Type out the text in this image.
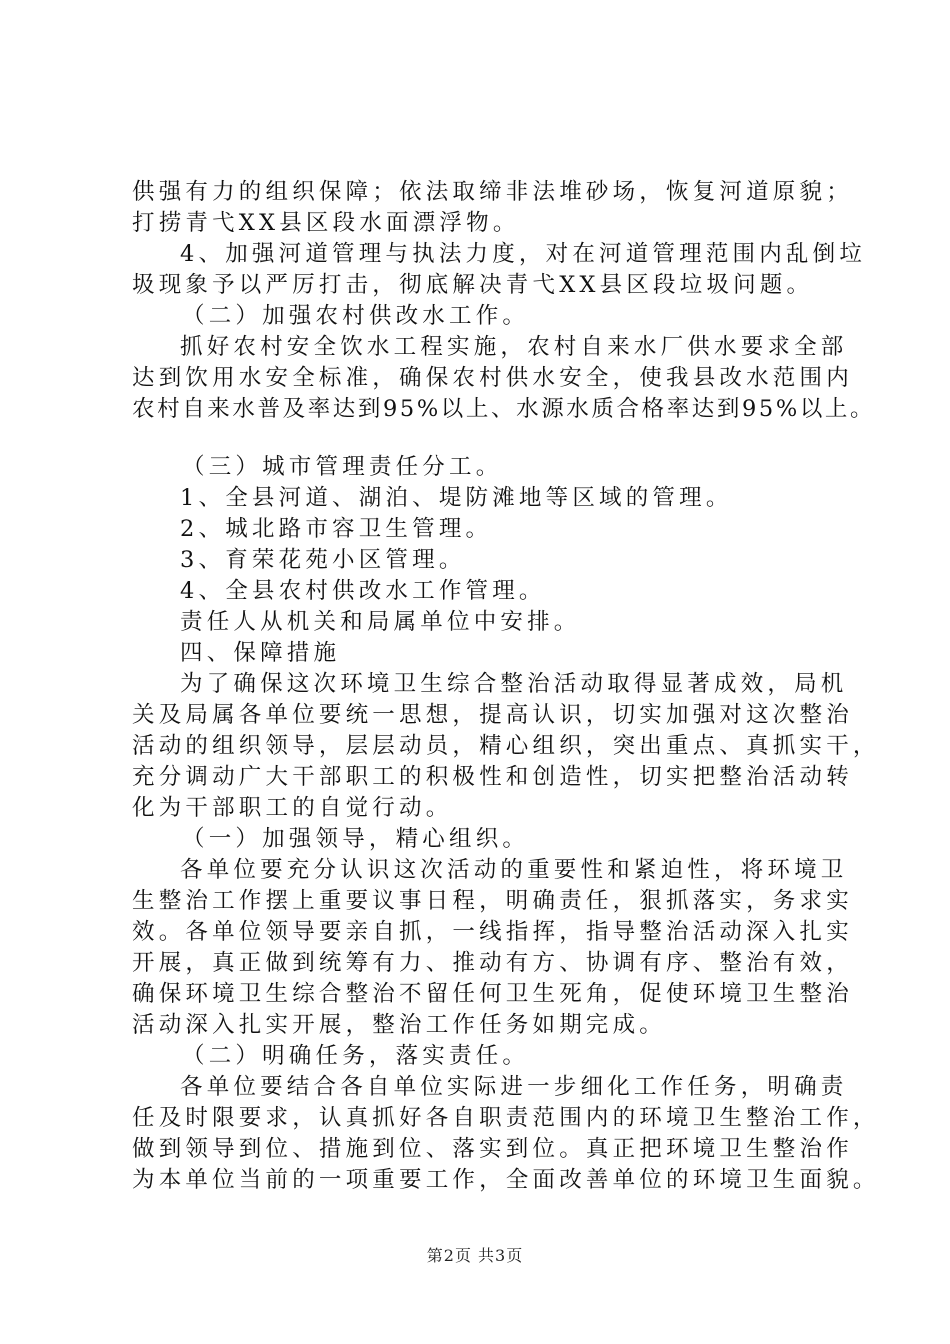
供强有力的组织保障；依法取缔非法堆砂场，恢复河道原貌；
打捞青弋XX县区段水面漂浮物。
4、加强河道管理与执法力度，对在河道管理范围内乱倒垃
圾现象予以严厉打击，彻底解决青弋XX县区段垃圾问题。
（二）加强农村供改水工作。
抓好农村安全饮水工程实施，农村自来水厂供水要求全部
达到饮用水安全标准，确保农村供水安全，使我县改水范围内
农村自来水普及率达到95%以上、水源水质合格率达到95%以上。
（三）城市管理责任分工。
1、全县河道、湖泊、堤防滩地等区域的管理。
2、城北路市容卫生管理。
3、育荣花苑小区管理。
4、全县农村供改水工作管理。
责任人从机关和局属单位中安排。
四、保障措施
为了确保这次环境卫生综合整治活动取得显著成效，局机
关及局属各单位要统一思想，提高认识，切实加强对这次整治
活动的组织领导，层层动员，精心组织，突出重点、真抓实干，
充分调动广大干部职工的积极性和创造性，切实把整治活动转
化为干部职工的自觉行动。
（一）加强领导，精心组织。
各单位要充分认识这次活动的重要性和紧迫性，将环境卫
生整治工作摆上重要议事日程，明确责任，狠抓落实，务求实
效。各单位领导要亲自抓，一线指挥，指导整治活动深入扎实
开展，真正做到统筹有力、推动有方、协调有序、整治有效，
确保环境卫生综合整治不留任何卫生死角，促使环境卫生整治
活动深入扎实开展，整治工作任务如期完成。
（二）明确任务，落实责任。
各单位要结合各自单位实际进一步细化工作任务，明确责
任及时限要求，认真抓好各自职责范围内的环境卫生整治工作，
做到领导到位、措施到位、落实到位。真正把环境卫生整治作
为本单位当前的一项重要工作，全面改善单位的环境卫生面貌。
第2页 共3页
